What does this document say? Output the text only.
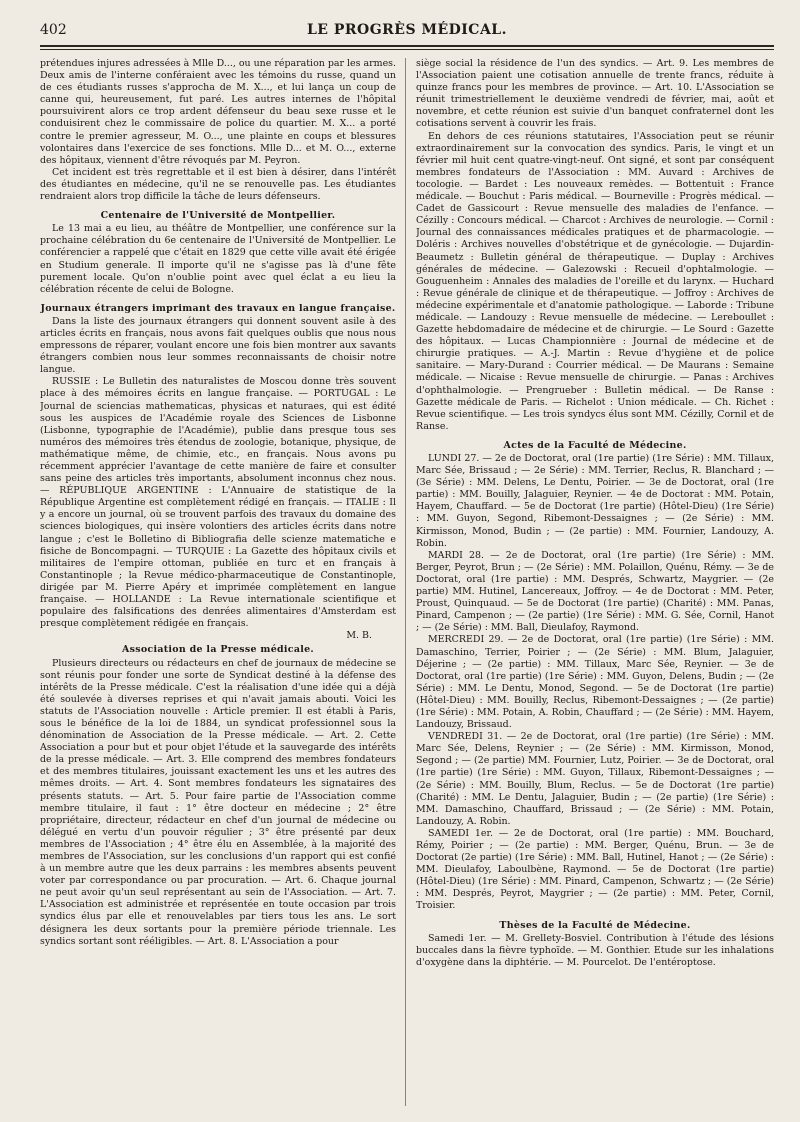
402	LE PROGRÈS MÉDICAL.

prétendues injures adressées à Mlle D..., ou une réparation par les armes. Deux amis de l'interne conféraient avec les témoins du russe, quand un de ces étudiants russes s'approcha de M. X..., et lui lança un coup de canne qui, heureusement, fut paré. Les autres internes de l'hôpital poursuivirent alors ce trop ardent défenseur du beau sexe russe et le conduisirent chez le commissaire de police du quartier. M. X... a porté contre le premier agresseur, M. O..., une plainte en coups et blessures volontaires dans l'exercice de ses fonctions. Mlle D... et M. O..., externe des hôpitaux, viennent d'être révoqués par M. Peyron.

Cet incident est très regrettable et il est bien à désirer, dans l'intérêt des étudiantes en médecine, qu'il ne se renouvelle pas. Les étudiantes rendraient alors trop difficile la tâche de leurs défenseurs.

Centenaire de l'Université de Montpellier.

Le 13 mai a eu lieu, au théâtre de Montpellier, une conférence sur la prochaine célébration du 6e centenaire de l'Université de Montpellier. Le conférencier a rappelé que c'était en 1829 que cette ville avait été érigée en Studium generale. Il importe qu'il ne s'agisse pas là d'une fête purement locale. Qu'on n'oublie point avec quel éclat a eu lieu la célébration récente de celui de Bologne.

Journaux étrangers imprimant des travaux en langue française.

Dans la liste des journaux étrangers qui donnent souvent asile à des articles écrits en français, nous avons fait quelques oublis que nous nous empressons de réparer, voulant encore une fois bien montrer aux savants étrangers combien nous leur sommes reconnaissants de choisir notre langue.

RUSSIE : Le Bulletin des naturalistes de Moscou donne très souvent place à des mémoires écrits en langue française. — PORTUGAL : Le Journal de sciencias mathematicas, physicas et naturaes, qui est édité sous les auspices de l'Académie royale des Sciences de Lisbonne (Lisbonne, typographie de l'Académie), publie dans presque tous ses numéros des mémoires très étendus de zoologie, botanique, physique, de mathématique même, de chimie, etc., en français. Nous avons pu récemment apprécier l'avantage de cette manière de faire et consulter sans peine des articles très importants, absolument inconnus chez nous. — RÉPUBLIQUE ARGENTINE : L'Annuaire de statistique de la République Argentine est complètement rédigé en français. — ITALIE : Il y a encore un journal, où se trouvent parfois des travaux du domaine des sciences biologiques, qui insère volontiers des articles écrits dans notre langue ; c'est le Bolletino di Bibliografia delle scienze matematiche e fisiche de Boncompagni. — TURQUIE : La Gazette des hôpitaux civils et militaires de l'empire ottoman, publiée en turc et en français à Constantinople ; la Revue médico-pharmaceutique de Constantinople, dirigée par M. Pierre Apéry et imprimée complètement en langue française. — HOLLANDE : La Revue internationale scientifique et populaire des falsifications des denrées alimentaires d'Amsterdam est presque complètement rédigée en français.

M. B.

Association de la Presse médicale.

Plusieurs directeurs ou rédacteurs en chef de journaux de médecine se sont réunis pour fonder une sorte de Syndicat destiné à la défense des intérêts de la Presse médicale. C'est la réalisation d'une idée qui a déjà été soulevée à diverses reprises et qui n'avait jamais abouti. Voici les statuts de l'Association nouvelle : Article premier. Il est établi à Paris, sous le bénéfice de la loi de 1884, un syndicat professionnel sous la dénomination de Association de la Presse médicale. — Art. 2. Cette Association a pour but et pour objet l'étude et la sauvegarde des intérêts de la presse médicale. — Art. 3. Elle comprend des membres fondateurs et des membres titulaires, jouissant exactement les uns et les autres des mêmes droits. — Art. 4. Sont membres fondateurs les signataires des présents statuts. — Art. 5. Pour faire partie de l'Association comme membre titulaire, il faut : 1° être docteur en médecine ; 2° être propriétaire, directeur, rédacteur en chef d'un journal de médecine ou délégué en vertu d'un pouvoir régulier ; 3° être présenté par deux membres de l'Association ; 4° être élu en Assemblée, à la majorité des membres de l'Association, sur les conclusions d'un rapport qui est confié à un membre autre que les deux parrains : les membres absents peuvent voter par correspondance ou par procuration. — Art. 6. Chaque journal ne peut avoir qu'un seul représentant au sein de l'Association. — Art. 7. L'Association est administrée et représentée en toute occasion par trois syndics élus par elle et renouvelables par tiers tous les ans. Le sort désignera les deux sortants pour la première période triennale. Les syndics sortant sont rééligibles. — Art. 8. L'Association a pour

siège social la résidence de l'un des syndics. — Art. 9. Les membres de l'Association paient une cotisation annuelle de trente francs, réduite à quinze francs pour les membres de province. — Art. 10. L'Association se réunit trimestriellement le deuxième vendredi de février, mai, août et novembre, et cette réunion est suivie d'un banquet confraternel dont les cotisations servent à couvrir les frais.

En dehors de ces réunions statutaires, l'Association peut se réunir extraordinairement sur la convocation des syndics. Paris, le vingt et un février mil huit cent quatre-vingt-neuf. Ont signé, et sont par conséquent membres fondateurs de l'Association : MM. Auvard : Archives de tocologie. — Bardet : Les nouveaux remèdes. — Bottentuit : France médicale. — Bouchut : Paris médical. — Bourneville : Progrès médical. — Cadet de Gassicourt : Revue mensuelle des maladies de l'enfance. — Cézilly : Concours médical. — Charcot : Archives de neurologie. — Cornil : Journal des connaissances médicales pratiques et de pharmacologie. — Doléris : Archives nouvelles d'obstétrique et de gynécologie. — Dujardin-Beaumetz : Bulletin général de thérapeutique. — Duplay : Archives générales de médecine. — Galezowski : Recueil d'ophtalmologie. — Gouguenheim : Annales des maladies de l'oreille et du larynx. — Huchard : Revue générale de clinique et de thérapeutique. — Joffroy : Archives de médecine expérimentale et d'anatomie pathologique. — Laborde : Tribune médicale. — Landouzy : Revue mensuelle de médecine. — Lereboullet : Gazette hebdomadaire de médecine et de chirurgie. — Le Sourd : Gazette des hôpitaux. — Lucas Championnière : Journal de médecine et de chirurgie pratiques. — A.-J. Martin : Revue d'hygiène et de police sanitaire. — Mary-Durand : Courrier médical. — De Maurans : Semaine médicale. — Nicaise : Revue mensuelle de chirurgie. — Panas : Archives d'ophthalmologie. — Prengrueber : Bulletin médical. — De Ranse : Gazette médicale de Paris. — Richelot : Union médicale. — Ch. Richet : Revue scientifique. — Les trois syndycs élus sont MM. Cézilly, Cornil et de Ranse.

Actes de la Faculté de Médecine.

LUNDI 27. — 2e de Doctorat, oral (1re partie) (1re Série) : MM. Tillaux, Marc Sée, Brissaud ; — 2e Série) : MM. Terrier, Reclus, R. Blanchard ; — (3e Série) : MM. Delens, Le Dentu, Poirier. — 3e de Doctorat, oral (1re partie) : MM. Bouilly, Jalaguier, Reynier. — 4e de Doctorat : MM. Potain, Hayem, Chauffard. — 5e de Doctorat (1re partie) (Hôtel-Dieu) (1re Série) : MM. Guyon, Segond, Ribemont-Dessaignes ; — (2e Série) : MM. Kirmisson, Monod, Budin ; — (2e partie) : MM. Fournier, Landouzy, A. Robin.

MARDI 28. — 2e de Doctorat, oral (1re partie) (1re Série) : MM. Berger, Peyrot, Brun ; — (2e Série) : MM. Polaillon, Quénu, Rémy. — 3e de Doctorat, oral (1re partie) : MM. Després, Schwartz, Maygrier. — (2e partie) MM. Hutinel, Lancereaux, Joffroy. — 4e de Doctorat : MM. Peter, Proust, Quinquaud. — 5e de Doctorat (1re partie) (Charité) : MM. Panas, Pinard, Campenon ; — (2e partie) (1re Série) : MM. G. Sée, Cornil, Hanot ; — (2e Série) : MM. Ball, Dieulafoy, Raymond.

MERCREDI 29. — 2e de Doctorat, oral (1re partie) (1re Série) : MM. Damaschino, Terrier, Poirier ; — (2e Série) : MM. Blum, Jalaguier, Déjerine ; — (2e partie) : MM. Tillaux, Marc Sée, Reynier. — 3e de Doctorat, oral (1re partie) (1re Série) : MM. Guyon, Delens, Budin ; — (2e Série) : MM. Le Dentu, Monod, Segond. — 5e de Doctorat (1re partie) (Hôtel-Dieu) : MM. Bouilly, Reclus, Ribemont-Dessaignes ; — (2e partie) (1re Série) : MM. Potain, A. Robin, Chauffard ; — (2e Série) : MM. Hayem, Landouzy, Brissaud.

VENDREDI 31. — 2e de Doctorat, oral (1re partie) (1re Série) : MM. Marc Sée, Delens, Reynier ; — (2e Série) : MM. Kirmisson, Monod, Segond ; — (2e partie) MM. Fournier, Lutz, Poirier. — 3e de Doctorat, oral (1re partie) (1re Série) : MM. Guyon, Tillaux, Ribemont-Dessaignes ; — (2e Série) : MM. Bouilly, Blum, Reclus. — 5e de Doctorat (1re partie) (Charité) : MM. Le Dentu, Jalaguier, Budin ; — (2e partie) (1re Série) : MM. Damaschino, Chauffard, Brissaud ; — (2e Série) : MM. Potain, Landouzy, A. Robin.

SAMEDI 1er. — 2e de Doctorat, oral (1re partie) : MM. Bouchard, Rémy, Poirier ; — (2e partie) : MM. Berger, Quénu, Brun. — 3e de Doctorat (2e partie) (1re Série) : MM. Ball, Hutinel, Hanot ; — (2e Série) : MM. Dieulafoy, Laboulbène, Raymond. — 5e de Doctorat (1re partie) (Hôtel-Dieu) (1re Série) : MM. Pinard, Campenon, Schwartz ; — (2e Série) : MM. Després, Peyrot, Maygrier ; — (2e partie) : MM. Peter, Cornil, Troisier.

Thèses de la Faculté de Médecine.

Samedi 1er. — M. Grellety-Bosviel. Contribution à l'étude des lésions buccales dans la fièvre typhoïde. — M. Gonthier. Etude sur les inhalations d'oxygène dans la diphtérie. — M. Pourcelot. De l'entéroptose.
